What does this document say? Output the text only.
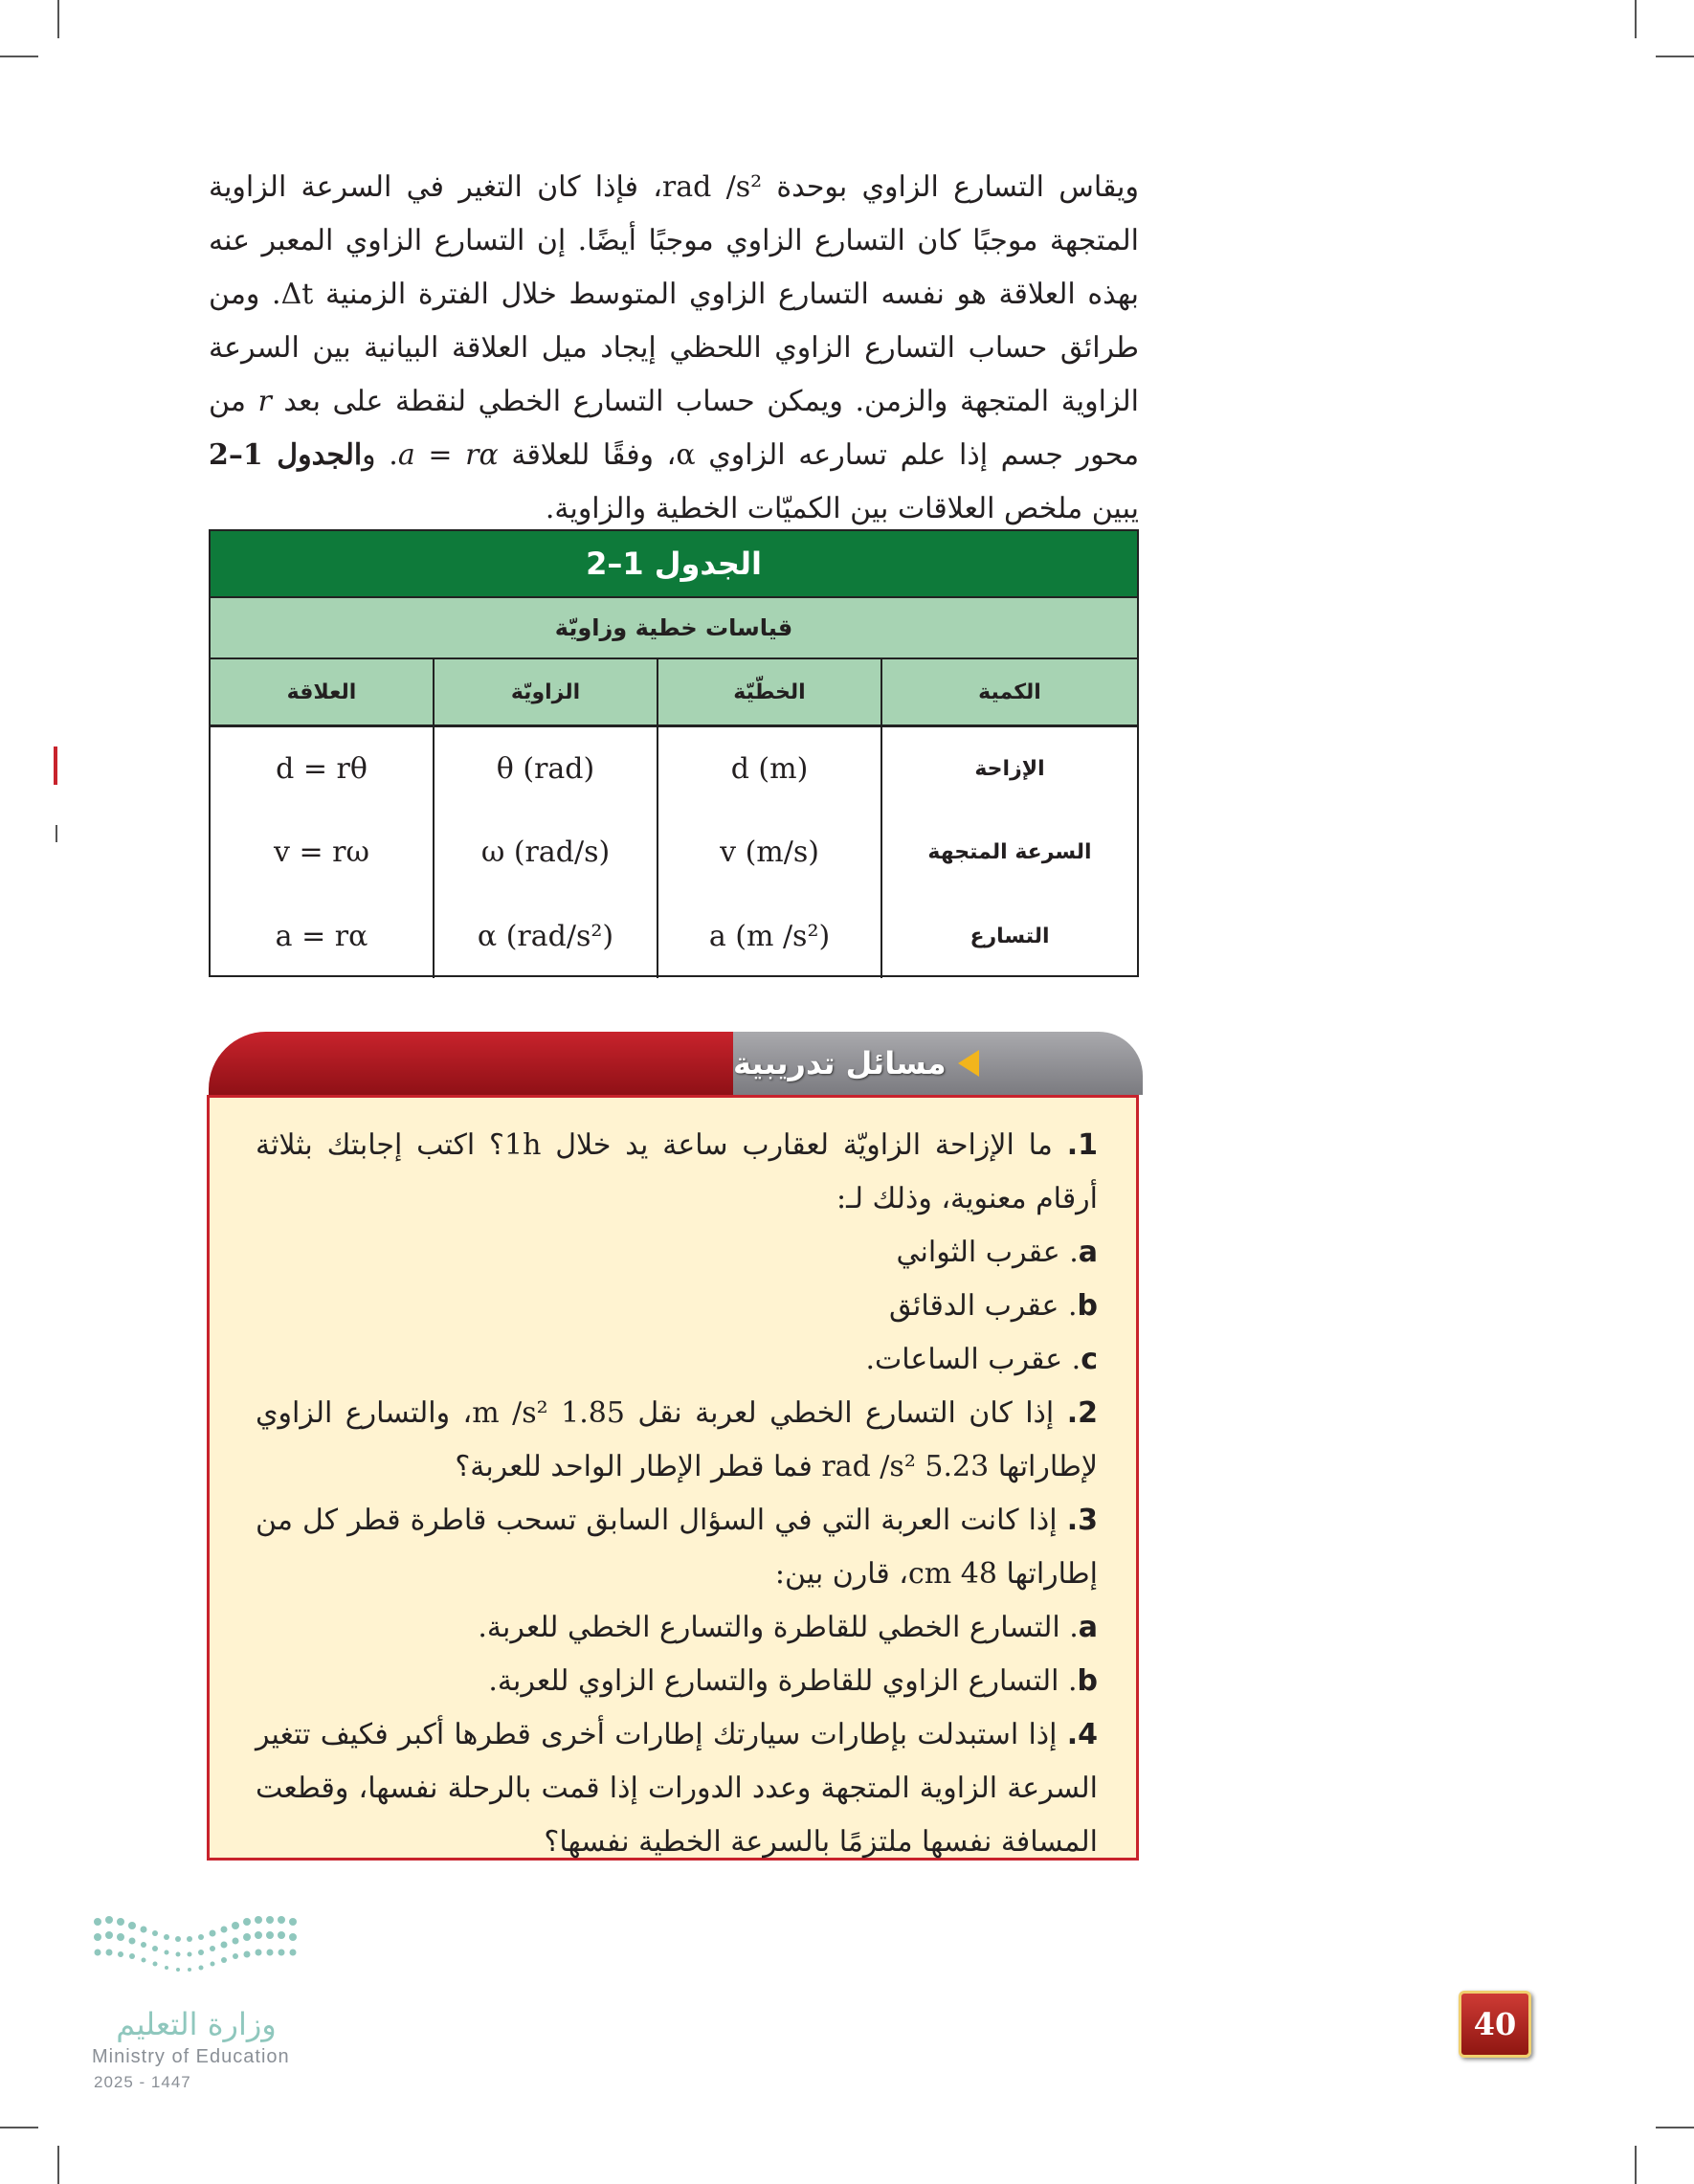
ويقاس التسارع الزاوي بوحدة rad /s²، فإذا كان التغير في السرعة الزاوية المتجهة موجبًا كان التسارع الزاوي موجبًا أيضًا. إن التسارع الزاوي المعبر عنه بهذه العلاقة هو نفسه التسارع الزاوي المتوسط خلال الفترة الزمنية Δt. ومن طرائق حساب التسارع الزاوي اللحظي إيجاد ميل العلاقة البيانية بين السرعة الزاوية المتجهة والزمن. ويمكن حساب التسارع الخطي لنقطة على بعد r من محور جسم إذا علم تسارعه الزاوي α، وفقًا للعلاقة a = rα. والجدول 1–2 يبين ملخص العلاقات بين الكميّات الخطية والزاوية.
الجدول 1–2
قياسات خطية وزاويّة
الكمية
الخطّيّة
الزاويّة
العلاقة
الإزاحة
d (m)
θ (rad)
d = rθ
السرعة المتجهة
v (m/s)
ω (rad/s)
v = rω
التسارع
a (m /s²)
α (rad/s²)
a = rα
مسائل تدريبية
1. ما الإزاحة الزاويّة لعقارب ساعة يد خلال 1h؟ اكتب إجابتك بثلاثة أرقام معنوية، وذلك لـ:
a. عقرب الثواني
b. عقرب الدقائق
c. عقرب الساعات.
2. إذا كان التسارع الخطي لعربة نقل 1.85 m /s²، والتسارع الزاوي لإطاراتها 5.23 rad /s² فما قطر الإطار الواحد للعربة؟
3. إذا كانت العربة التي في السؤال السابق تسحب قاطرة قطر كل من إطاراتها 48 cm، قارن بين:
a. التسارع الخطي للقاطرة والتسارع الخطي للعربة.
b. التسارع الزاوي للقاطرة والتسارع الزاوي للعربة.
4. إذا استبدلت بإطارات سيارتك إطارات أخرى قطرها أكبر فكيف تتغير السرعة الزاوية المتجهة وعدد الدورات إذا قمت بالرحلة نفسها، وقطعت المسافة نفسها ملتزمًا بالسرعة الخطية نفسها؟
وزارة التعليم
Ministry of Education
2025 - 1447
40
